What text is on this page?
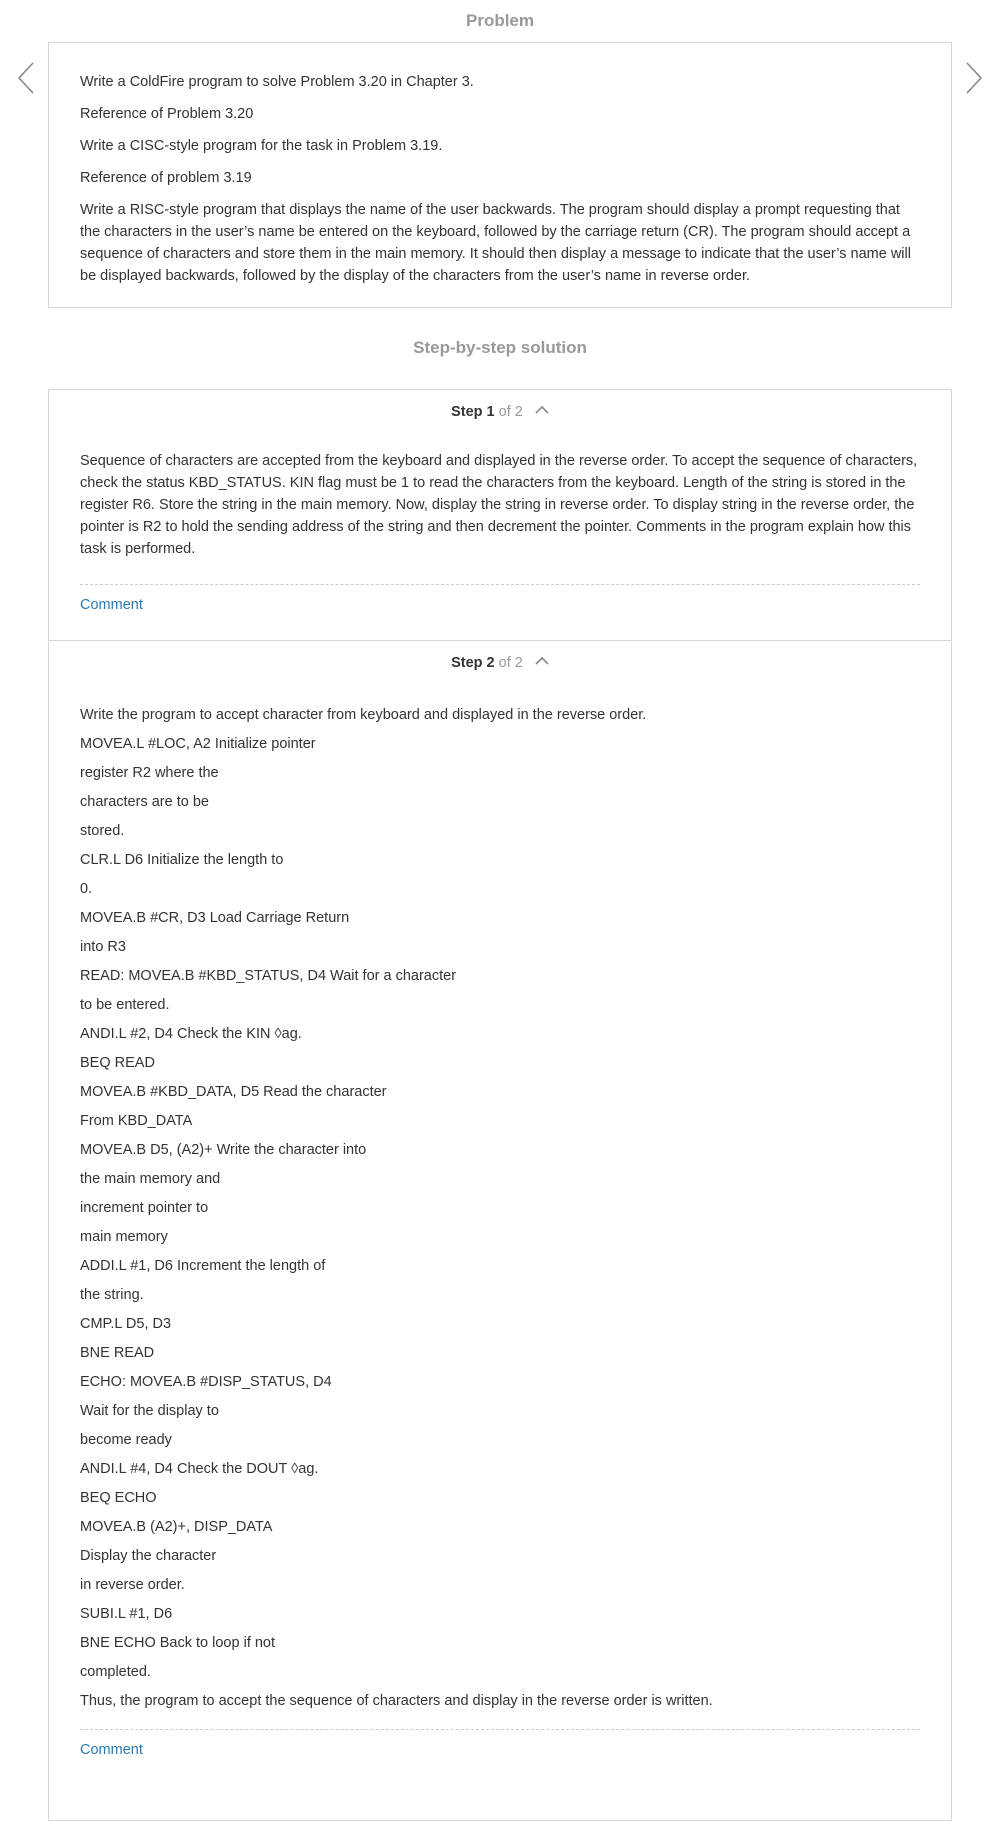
Problem

Write a ColdFire program to solve Problem 3.20 in Chapter 3.

Reference of Problem 3.20

Write a CISC-style program for the task in Problem 3.19.

Reference of problem 3.19

Write a RISC-style program that displays the name of the user backwards. The program should display a prompt requesting that the characters in the user’s name be entered on the keyboard, followed by the carriage return (CR). The program should accept a sequence of characters and store them in the main memory. It should then display a message to indicate that the user’s name will be displayed backwards, followed by the display of the characters from the user’s name in reverse order.

Step-by-step solution
Step 1 of 2
Sequence of characters are accepted from the keyboard and displayed in the reverse order. To accept the sequence of characters, check the status KBD_STATUS. KIN flag must be 1 to read the characters from the keyboard. Length of the string is stored in the register R6. Store the string in the main memory. Now, display the string in reverse order. To display string in the reverse order, the pointer is R2 to hold the sending address of the string and then decrement the pointer. Comments in the program explain how this task is performed.
Comment
Step 2 of 2
Write the program to accept character from keyboard and displayed in the reverse order.
MOVEA.L #LOC, A2 Initialize pointer
register R2 where the
characters are to be
stored.
CLR.L D6 Initialize the length to
0.
MOVEA.B #CR, D3 Load Carriage Return
into R3
READ: MOVEA.B #KBD_STATUS, D4 Wait for a character
to be entered.
ANDI.L #2, D4 Check the KIN ◊ag.
BEQ READ
MOVEA.B #KBD_DATA, D5 Read the character
From KBD_DATA
MOVEA.B D5, (A2)+ Write the character into
the main memory and
increment pointer to
main memory
ADDI.L #1, D6 Increment the length of
the string.
CMP.L D5, D3
BNE READ
ECHO: MOVEA.B #DISP_STATUS, D4
Wait for the display to
become ready
ANDI.L #4, D4 Check the DOUT ◊ag.
BEQ ECHO
MOVEA.B (A2)+, DISP_DATA
Display the character
in reverse order.
SUBI.L #1, D6
BNE ECHO Back to loop if not
completed.
Thus, the program to accept the sequence of characters and display in the reverse order is written.
Comment
